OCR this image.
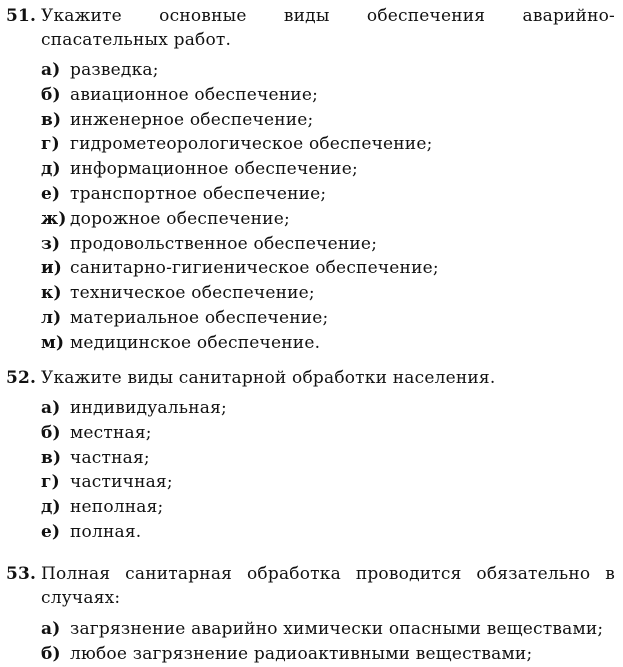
51. Укажите основные виды обеспечения аварийно-спасательных работ.
а) разведка;
б) авиационное обеспечение;
в) инженерное обеспечение;
г) гидрометеорологическое обеспечение;
д) информационное обеспечение;
е) транспортное обеспечение;
ж) дорожное обеспечение;
з) продовольственное обеспечение;
и) санитарно-гигиеническое обеспечение;
к) техническое обеспечение;
л) материальное обеспечение;
м) медицинское обеспечение.
52. Укажите виды санитарной обработки населения.
а) индивидуальная;
б) местная;
в) частная;
г) частичная;
д) неполная;
е) полная.
53. Полная санитарная обработка проводится обязательно в случаях:
а) загрязнение аварийно химически опасными веществами;
б) любое загрязнение радиоактивными веществами;
